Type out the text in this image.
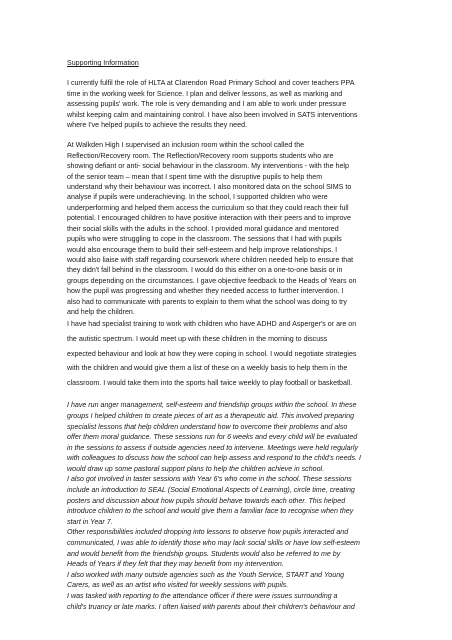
Supporting Information
I currently fulfil the role of HLTA at Clarendon Road Primary School and cover teachers PPA
time in the working week for Science. I plan and deliver lessons, as well as marking and
assessing pupils' work. The role is very demanding and I am able to work under pressure
whilst keeping calm and maintaining control. I have also been involved in SATS interventions
where I've helped pupils to achieve the results they need.
At Walkden High I supervised an inclusion room within the school called the
Reflection/Recovery room. The Reflection/Recovery room supports students who are
showing defiant or anti- social behaviour in the classroom. My interventions - with the help
of the senior team – mean that I spent time with the disruptive pupils to help them
understand why their behaviour was incorrect. I also monitored data on the school SIMS to
analyse if pupils were underachieving. In the school, I supported children who were
underperforming and helped them access the curriculum so that they could reach their full
potential. I encouraged children to have positive interaction with their peers and to improve
their social skills with the adults in the school. I provided moral guidance and mentored
pupils who were struggling to cope in the classroom. The sessions that I had with pupils
would also encourage them to build their self-esteem and help improve relationships. I
would also liaise with staff regarding coursework where children needed help to ensure that
they didn't fall behind in the classroom. I would do this either on a one-to-one basis or in
groups depending on the circumstances. I gave objective feedback to the Heads of Years on
how the pupil was progressing and whether they needed access to further intervention. I
also had to communicate with parents to explain to them what the school was doing to try
and help the children.
I have had specialist training to work with children who have ADHD and Asperger's or are on
the autistic spectrum. I would meet up with these children in the morning to discuss
expected behaviour and look at how they were coping in school. I would negotiate strategies
with the children and would give them a list of these on a weekly basis to help them in the
classroom. I would take them into the sports hall twice weekly to play football or basketball.
I have run anger management, self-esteem and friendship groups within the school. In these
groups I helped children to create pieces of art as a therapeutic aid. This involved preparing
specialist lessons that help children understand how to overcome their problems and also
offer them moral guidance. These sessions run for 6 weeks and every child will be evaluated
in the sessions to assess if outside agencies need to intervene. Meetings were held regularly
with colleagues to discuss how the school can help assess and respond to the child's needs. I
would draw up some pastoral support plans to help the children achieve in school.
I also got involved in taster sessions with Year 6's who come in the school. These sessions
include an introduction to SEAL (Social Emotional Aspects of Learning), circle time, creating
posters and discussion about how pupils should behave towards each other. This helped
introduce children to the school and would give them a familiar face to recognise when they
start in Year 7.
Other responsibilities included dropping into lessons to observe how pupils interacted and
communicated, I was able to identify those who may lack social skills or have low self-esteem
and would benefit from the friendship groups. Students would also be referred to me by
Heads of Years if they felt that they may benefit from my intervention.
I also worked with many outside agencies such as the Youth Service, START and Young
Carers, as well as an artist who visited for weekly sessions with pupils.
I was tasked with reporting to the attendance officer if there were issues surrounding a
child's truancy or late marks. I often liaised with parents about their children's behaviour and
